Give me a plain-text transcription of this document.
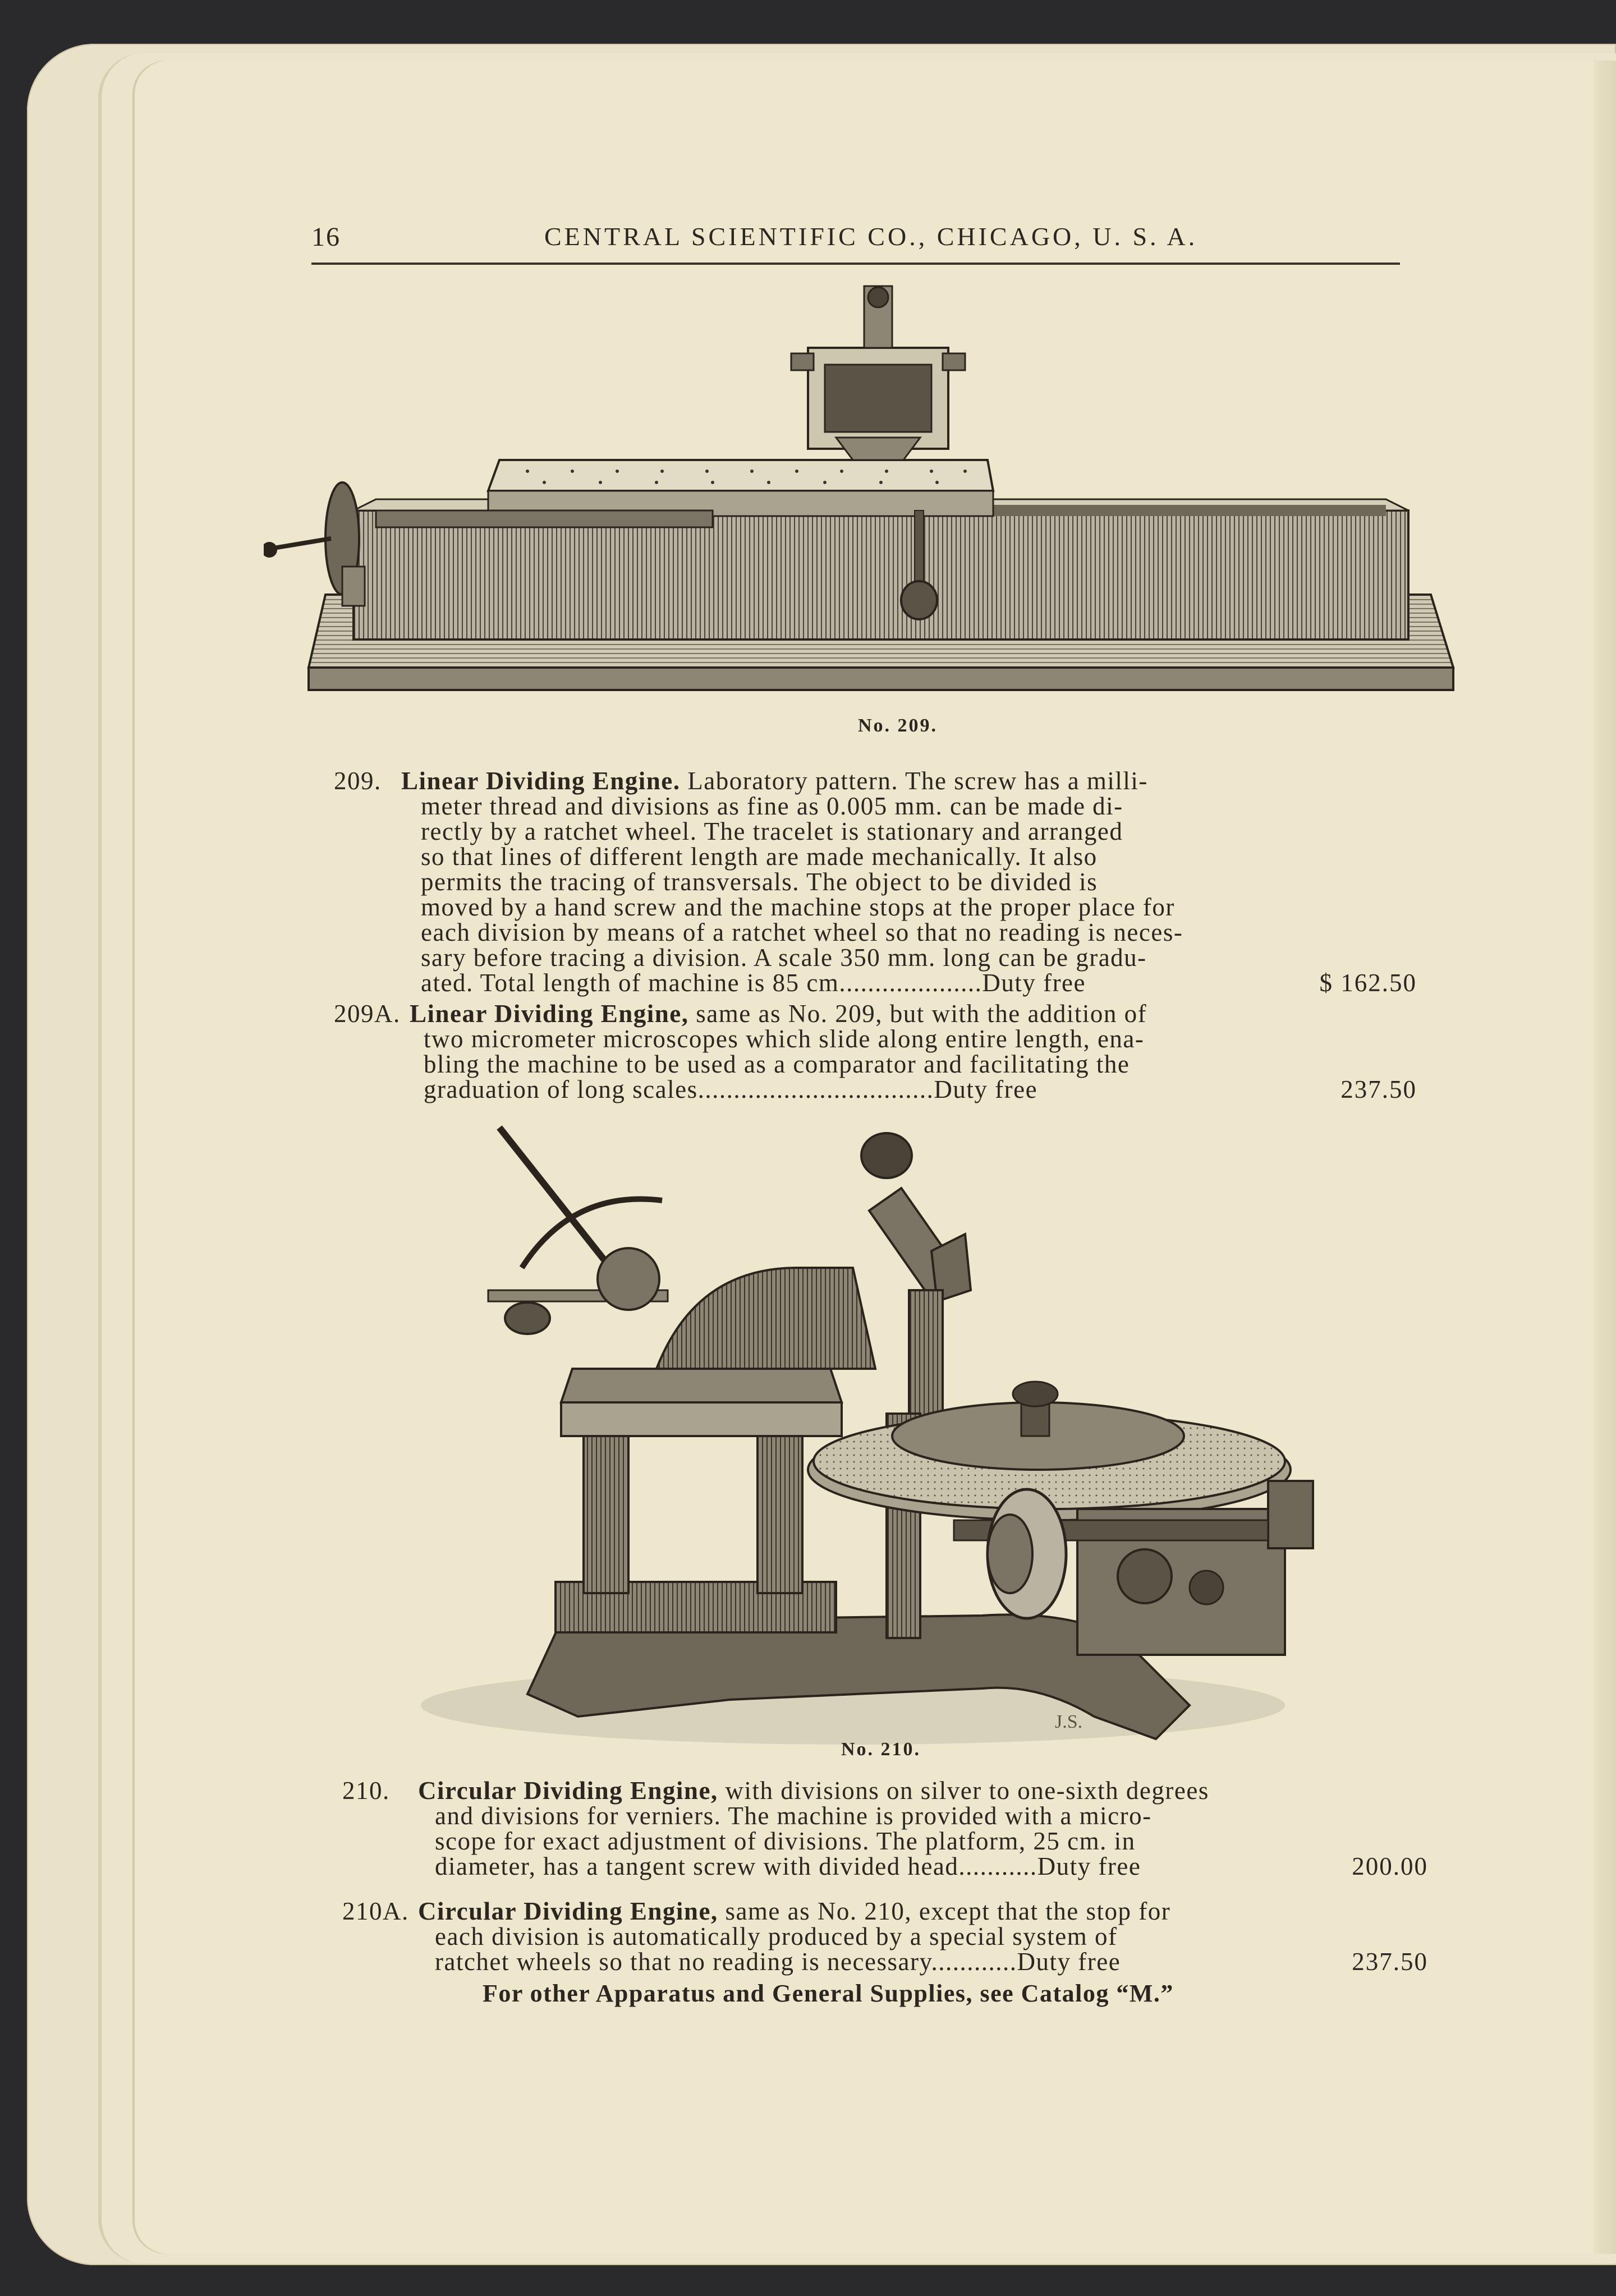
16	CENTRAL SCIENTIFIC CO., CHICAGO, U. S. A.
No. 209.
209. Linear Dividing Engine. Laboratory pattern. The screw has a milli-
meter thread and divisions as fine as 0.005 mm. can be made di-
rectly by a ratchet wheel. The tracelet is stationary and arranged
so that lines of different length are made mechanically. It also
permits the tracing of transversals. The object to be divided is
moved by a hand screw and the machine stops at the proper place for
each division by means of a ratchet wheel so that no reading is neces-
sary before tracing a division. A scale 350 mm. long can be gradu-
ated. Total length of machine is 85 cm....................Duty free	$ 162.50
209A. Linear Dividing Engine, same as No. 209, but with the addition of
two micrometer microscopes which slide along entire length, ena-
bling the machine to be used as a comparator and facilitating the
graduation of long scales.................................Duty free	237.50
J.S.
No. 210.
210. Circular Dividing Engine, with divisions on silver to one-sixth degrees
and divisions for verniers. The machine is provided with a micro-
scope for exact adjustment of divisions. The platform, 25 cm. in
diameter, has a tangent screw with divided head...........Duty free	200.00
210A. Circular Dividing Engine, same as No. 210, except that the stop for
each division is automatically produced by a special system of
ratchet wheels so that no reading is necessary............Duty free	237.50
For other Apparatus and General Supplies, see Catalog “M.”
